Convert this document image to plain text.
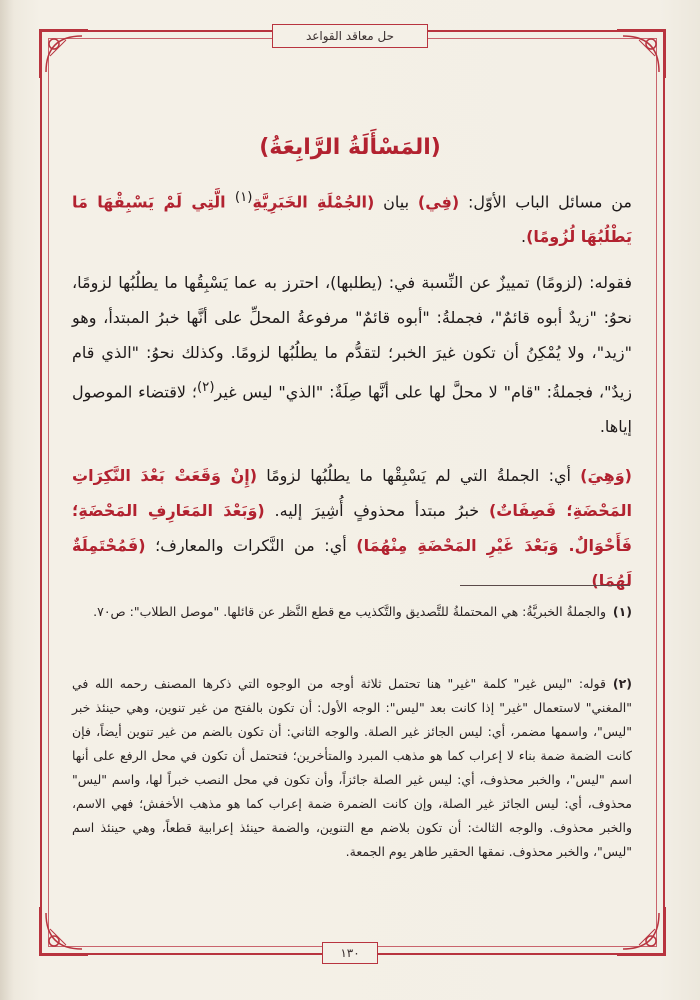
حل معاقد القواعد
(المَسْأَلَةُ الرَّابِعَةُ)
من مسائل الباب الأوّل: (فِي) بيان (الجُمْلَةِ الخَبَرِيَّةِ$^{(١)}$ الَّتِي لَمْ يَسْبِقْهَا مَا يَطْلُبُهَا لُزُومًا).
فقوله: (لزومًا) تمييزٌ عن النِّسبة في: (يطلبها)، احترز به عما يَسْبِقُها ما يطلُبُها لزومًا، نحوُ: "زيدٌ أبوه قائمٌ"، فجملةُ: "أبوه قائمٌ" مرفوعةُ المحلِّ على أنَّها خبرُ المبتدأ، وهو "زيد"، ولا يُمْكِنُ أن تكون غيرَ الخبر؛ لتقدُّم ما يطلُبُها لزومًا. وكذلك نحوُ: "الذي قام زيدٌ"، فجملةُ: "قام" لا محلَّ لها على أنَّها صِلَةٌ: "الذي" ليس غير$^{(٢)}$؛ لاقتضاء الموصول إياها.
(وَهِيَ) أي: الجملةُ التي لم يَسْبِقْها ما يطلُبُها لزومًا (إِنْ وَقَعَتْ بَعْدَ النَّكِرَاتِ المَحْضَةِ؛ فَصِفَاتٌ) خبرُ مبتدأ محذوفٍ أُشِيرَ إليه. (وَبَعْدَ المَعَارِفِ المَحْضَةِ؛ فَأَحْوَالٌ. وَبَعْدَ غَيْرِ المَحْضَةِ مِنْهُمَا) أي: من النَّكرات والمعارف؛ (فَمُحْتَمِلَةٌ لَهُمَا)
(١)والجملةُ الخبريَّةُ: هي المحتملةُ للتَّصديق والتَّكذيب مع قطع النَّظر عن قائلها. "موصل الطلاب": ص٧٠.
(٢)قوله: "ليس غير" كلمة "غير" هنا تحتمل ثلاثة أوجه من الوجوه التي ذكرها المصنف رحمه الله في "المغني" لاستعمال "غير" إذا كانت بعد "ليس": الوجه الأول: أن تكون بالفتح من غير تنوين، وهي حينئذ خبر "ليس"، واسمها مضمر، أي: ليس الجائز غير الصلة. والوجه الثاني: أن تكون بالضم من غير تنوين أيضاً، فإن كانت الضمة ضمة بناء لا إعراب كما هو مذهب المبرد والمتأخرين؛ فتحتمل أن تكون في محل الرفع على أنها اسم "ليس"، والخبر محذوف، أي: ليس غير الصلة جائزاً، وأن تكون في محل النصب خبراً لها، واسم "ليس" محذوف، أي: ليس الجائز غير الصلة، وإن كانت الضمرة ضمة إعراب كما هو مذهب الأخفش؛ فهي الاسم، والخبر محذوف. والوجه الثالث: أن تكون بلاضم مع التنوين، والضمة حينئذ إعرابية قطعاً، وهي حينئذ اسم "ليس"، والخبر محذوف. نمقها الحقير طاهر يوم الجمعة.
١٣٠
